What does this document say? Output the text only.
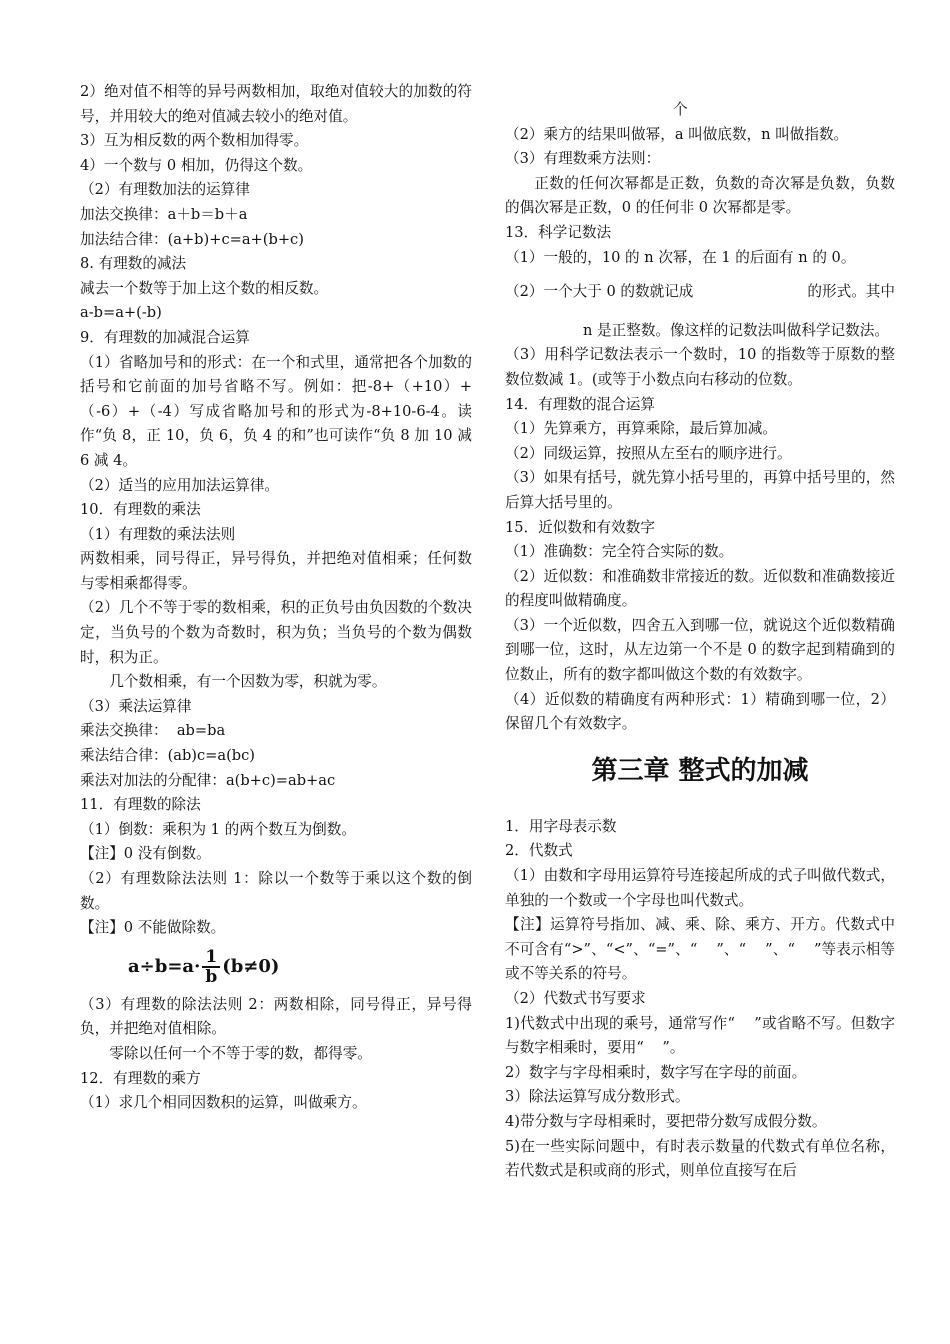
2）绝对值不相等的异号两数相加，取绝对值较大的加数的符号，并用较大的绝对值减去较小的绝对值。

3）互为相反数的两个数相加得零。

4）一个数与 0 相加，仍得这个数。

（2）有理数加法的运算律

加法交换律：a＋b＝b＋a

加法结合律：(a+b)+c=a+(b+c)

8. 有理数的减法

减去一个数等于加上这个数的相反数。

a-b=a+(-b)

9．有理数的加减混合运算

（1）省略加号和的形式：在一个和式里，通常把各个加数的括号和它前面的加号省略不写。例如：把-8+（+10）+（-6）+（-4）写成省略加号和的形式为-8+10-6-4。读作“负 8，正 10，负 6，负 4 的和”也可读作“负 8 加 10 减 6 减 4。

（2）适当的应用加法运算律。

10．有理数的乘法

（1）有理数的乘法法则

两数相乘，同号得正，异号得负，并把绝对值相乘；任何数与零相乘都得零。

（2）几个不等于零的数相乘，积的正负号由负因数的个数决定，当负号的个数为奇数时，积为负；当负号的个数为偶数时，积为正。

几个数相乘，有一个因数为零，积就为零。

（3）乘法运算律

乘法交换律：  ab=ba

乘法结合律：(ab)c=a(bc)

乘法对加法的分配律：a(b+c)=ab+ac

11．有理数的除法

（1）倒数：乘积为 1 的两个数互为倒数。

【注】0 没有倒数。

（2）有理数除法法则 1：除以一个数等于乘以这个数的倒数。

【注】0 不能做除数。

$a\div b=a\cdot \frac{1}{b} (b\ne 0)$

（3）有理数的除法法则 2：两数相除，同号得正，异号得负，并把绝对值相除。

零除以任何一个不等于零的数，都得零。

12．有理数的乘方

（1）求几个相同因数积的运算，叫做乘方。

个

（2）乘方的结果叫做幂，a 叫做底数，n 叫做指数。

（3）有理数乘方法则：

正数的任何次幂都是正数，负数的奇次幂是负数，负数的偶次幂是正数，0 的任何非 0 次幂都是零。

13．科学记数法

（1）一般的，10 的 n 次幂，在 1 的后面有 n 的 0。

（2）一个大于 0 的数就记成	的形式。其中

n 是正整数。像这样的记数法叫做科学记数法。

（3）用科学记数法表示一个数时，10 的指数等于原数的整数位数减 1。(或等于小数点向右移动的位数。

14．有理数的混合运算

（1）先算乘方，再算乘除，最后算加减。

（2）同级运算，按照从左至右的顺序进行。

（3）如果有括号，就先算小括号里的，再算中括号里的，然后算大括号里的。

15．近似数和有效数字

（1）准确数：完全符合实际的数。

（2）近似数：和准确数非常接近的数。近似数和准确数接近的程度叫做精确度。

（3）一个近似数，四舍五入到哪一位，就说这个近似数精确到哪一位，这时，从左边第一个不是 0 的数字起到精确到的位数止，所有的数字都叫做这个数的有效数字。

（4）近似数的精确度有两种形式：1）精确到哪一位，2）保留几个有效数字。

第三章 整式的加减

1．用字母表示数

2．代数式

（1）由数和字母用运算符号连接起所成的式子叫做代数式，单独的一个数或一个字母也叫代数式。

【注】运算符号指加、减、乘、除、乘方、开方。代数式中不可含有“>”、“<”、“=”、“    ”、“    ”、“    ”等表示相等或不等关系的符号。

（2）代数式书写要求

1)代数式中出现的乘号，通常写作“    ”或省略不写。但数字与数字相乘时，要用“    ”。

2）数字与字母相乘时，数字写在字母的前面。

3）除法运算写成分数形式。

4)带分数与字母相乘时，要把带分数写成假分数。

5)在一些实际问题中，有时表示数量的代数式有单位名称，若代数式是积或商的形式，则单位直接写在后
